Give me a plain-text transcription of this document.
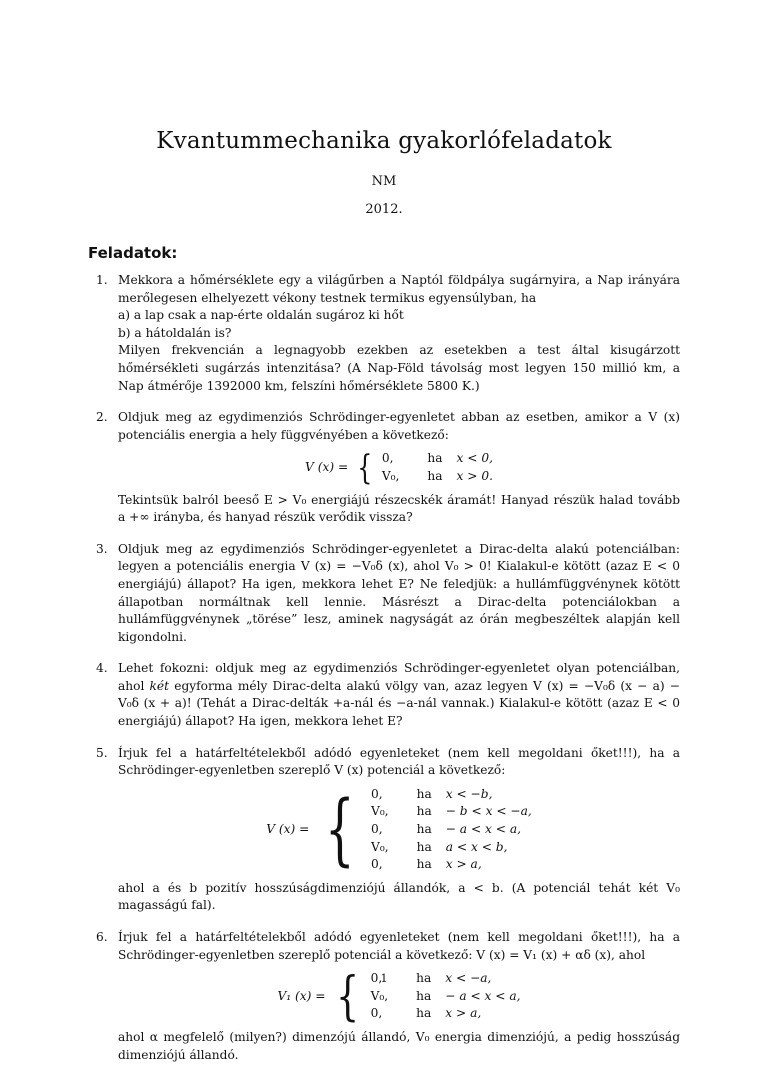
Kvantummechanika gyakorlófeladatok
NM
2012.
Feladatok:
1. Mekkora a hőmérséklete egy a világűrben a Naptól földpálya sugárnyira, a Nap irányára merőlegesen elhelyezett vékony testnek termikus egyensúlyban, ha
a) a lap csak a nap-érte oldalán sugároz ki hőt
b) a hátoldalán is?
Milyen frekvencián a legnagyobb ezekben az esetekben a test által kisugárzott hőmérsékleti sugárzás intenzitása? (A Nap-Föld távolság most legyen 150 millió km, a Nap átmérője 1392000 km, felszíni hőmérséklete 5800 K.)
2. Oldjuk meg az egydimenziós Schrödinger-egyenletet abban az esetben, amikor a V (x) potenciális energia a hely függvényében a következő:
V (x) = { 0,	ha x < 0,
V₀,	ha x > 0.
Tekintsük balról beeső E > V₀ energiájú részecskék áramát! Hanyad részük halad tovább a +∞ irányba, és hanyad részük verődik vissza?
3. Oldjuk meg az egydimenziós Schrödinger-egyenletet a Dirac-delta alakú potenciálban: legyen a potenciális energia V (x) = −V₀δ (x), ahol V₀ > 0! Kialakul-e kötött (azaz E < 0 energiájú) állapot? Ha igen, mekkora lehet E? Ne feledjük: a hullámfüggvénynek kötött állapotban normáltnak kell lennie. Másrészt a Dirac-delta potenciálokban a hullámfüggvénynek „törése” lesz, aminek nagyságát az órán megbeszéltek alapján kell kigondolni.
4. Lehet fokozni: oldjuk meg az egydimenziós Schrödinger-egyenletet olyan potenciálban, ahol két egyforma mély Dirac-delta alakú völgy van, azaz legyen V (x) = −V₀δ (x − a) − V₀δ (x + a)! (Tehát a Dirac-delták +a-nál és −a-nál vannak.) Kialakul-e kötött (azaz E < 0 energiájú) állapot? Ha igen, mekkora lehet E?
5. Írjuk fel a határfeltételekből adódó egyenleteket (nem kell megoldani őket!!!), ha a Schrödinger-egyenletben szereplő V (x) potenciál a következő:
V (x) = { 0,	ha x < −b,
V₀,	ha − b < x < −a,
0,	ha − a < x < a,
V₀,	ha a < x < b,
0,	ha x > a,
ahol a és b pozitív hosszúságdimenziójú állandók, a < b. (A potenciál tehát két V₀ magasságú fal).
6. Írjuk fel a határfeltételekből adódó egyenleteket (nem kell megoldani őket!!!), ha a Schrödinger-egyenletben szereplő potenciál a következő: V (x) = V₁ (x) + αδ (x), ahol
V₁ (x) = { 0,	ha x < −a,
V₀,	ha − a < x < a,
0,	ha x > a,
ahol α megfelelő (milyen?) dimenzójú állandó, V₀ energia dimenziójú, a pedig hosszúság dimenziójú állandó.
1
